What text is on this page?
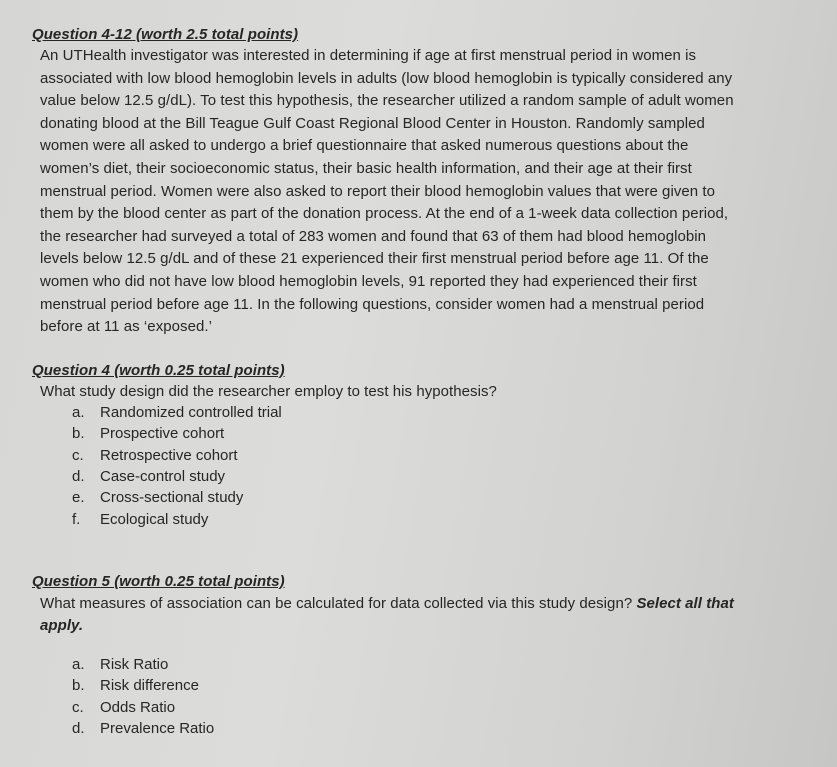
Question 4-12 (worth 2.5 total points)
An UTHealth investigator was interested in determining if age at first menstrual period in women is
associated with low blood hemoglobin levels in adults (low blood hemoglobin is typically considered any
value below 12.5 g/dL). To test this hypothesis, the researcher utilized a random sample of adult women
donating blood at the Bill Teague Gulf Coast Regional Blood Center in Houston. Randomly sampled
women were all asked to undergo a brief questionnaire that asked numerous questions about the
women’s diet, their socioeconomic status, their basic health information, and their age at their first
menstrual period. Women were also asked to report their blood hemoglobin values that were given to
them by the blood center as part of the donation process. At the end of a 1-week data collection period,
the researcher had surveyed a total of 283 women and found that 63 of them had blood hemoglobin
levels below 12.5 g/dL and of these 21 experienced their first menstrual period before age 11. Of the
women who did not have low blood hemoglobin levels, 91 reported they had experienced their first
menstrual period before age 11. In the following questions, consider women had a menstrual period
before at 11 as ‘exposed.’
Question 4 (worth 0.25 total points)
What study design did the researcher employ to test his hypothesis?
a. Randomized controlled trial
b. Prospective cohort
c. Retrospective cohort
d. Case-control study
e. Cross-sectional study
f. Ecological study
Question 5 (worth 0.25 total points)
What measures of association can be calculated for data collected via this study design? Select all that
apply.
a. Risk Ratio
b. Risk difference
c. Odds Ratio
d. Prevalence Ratio
